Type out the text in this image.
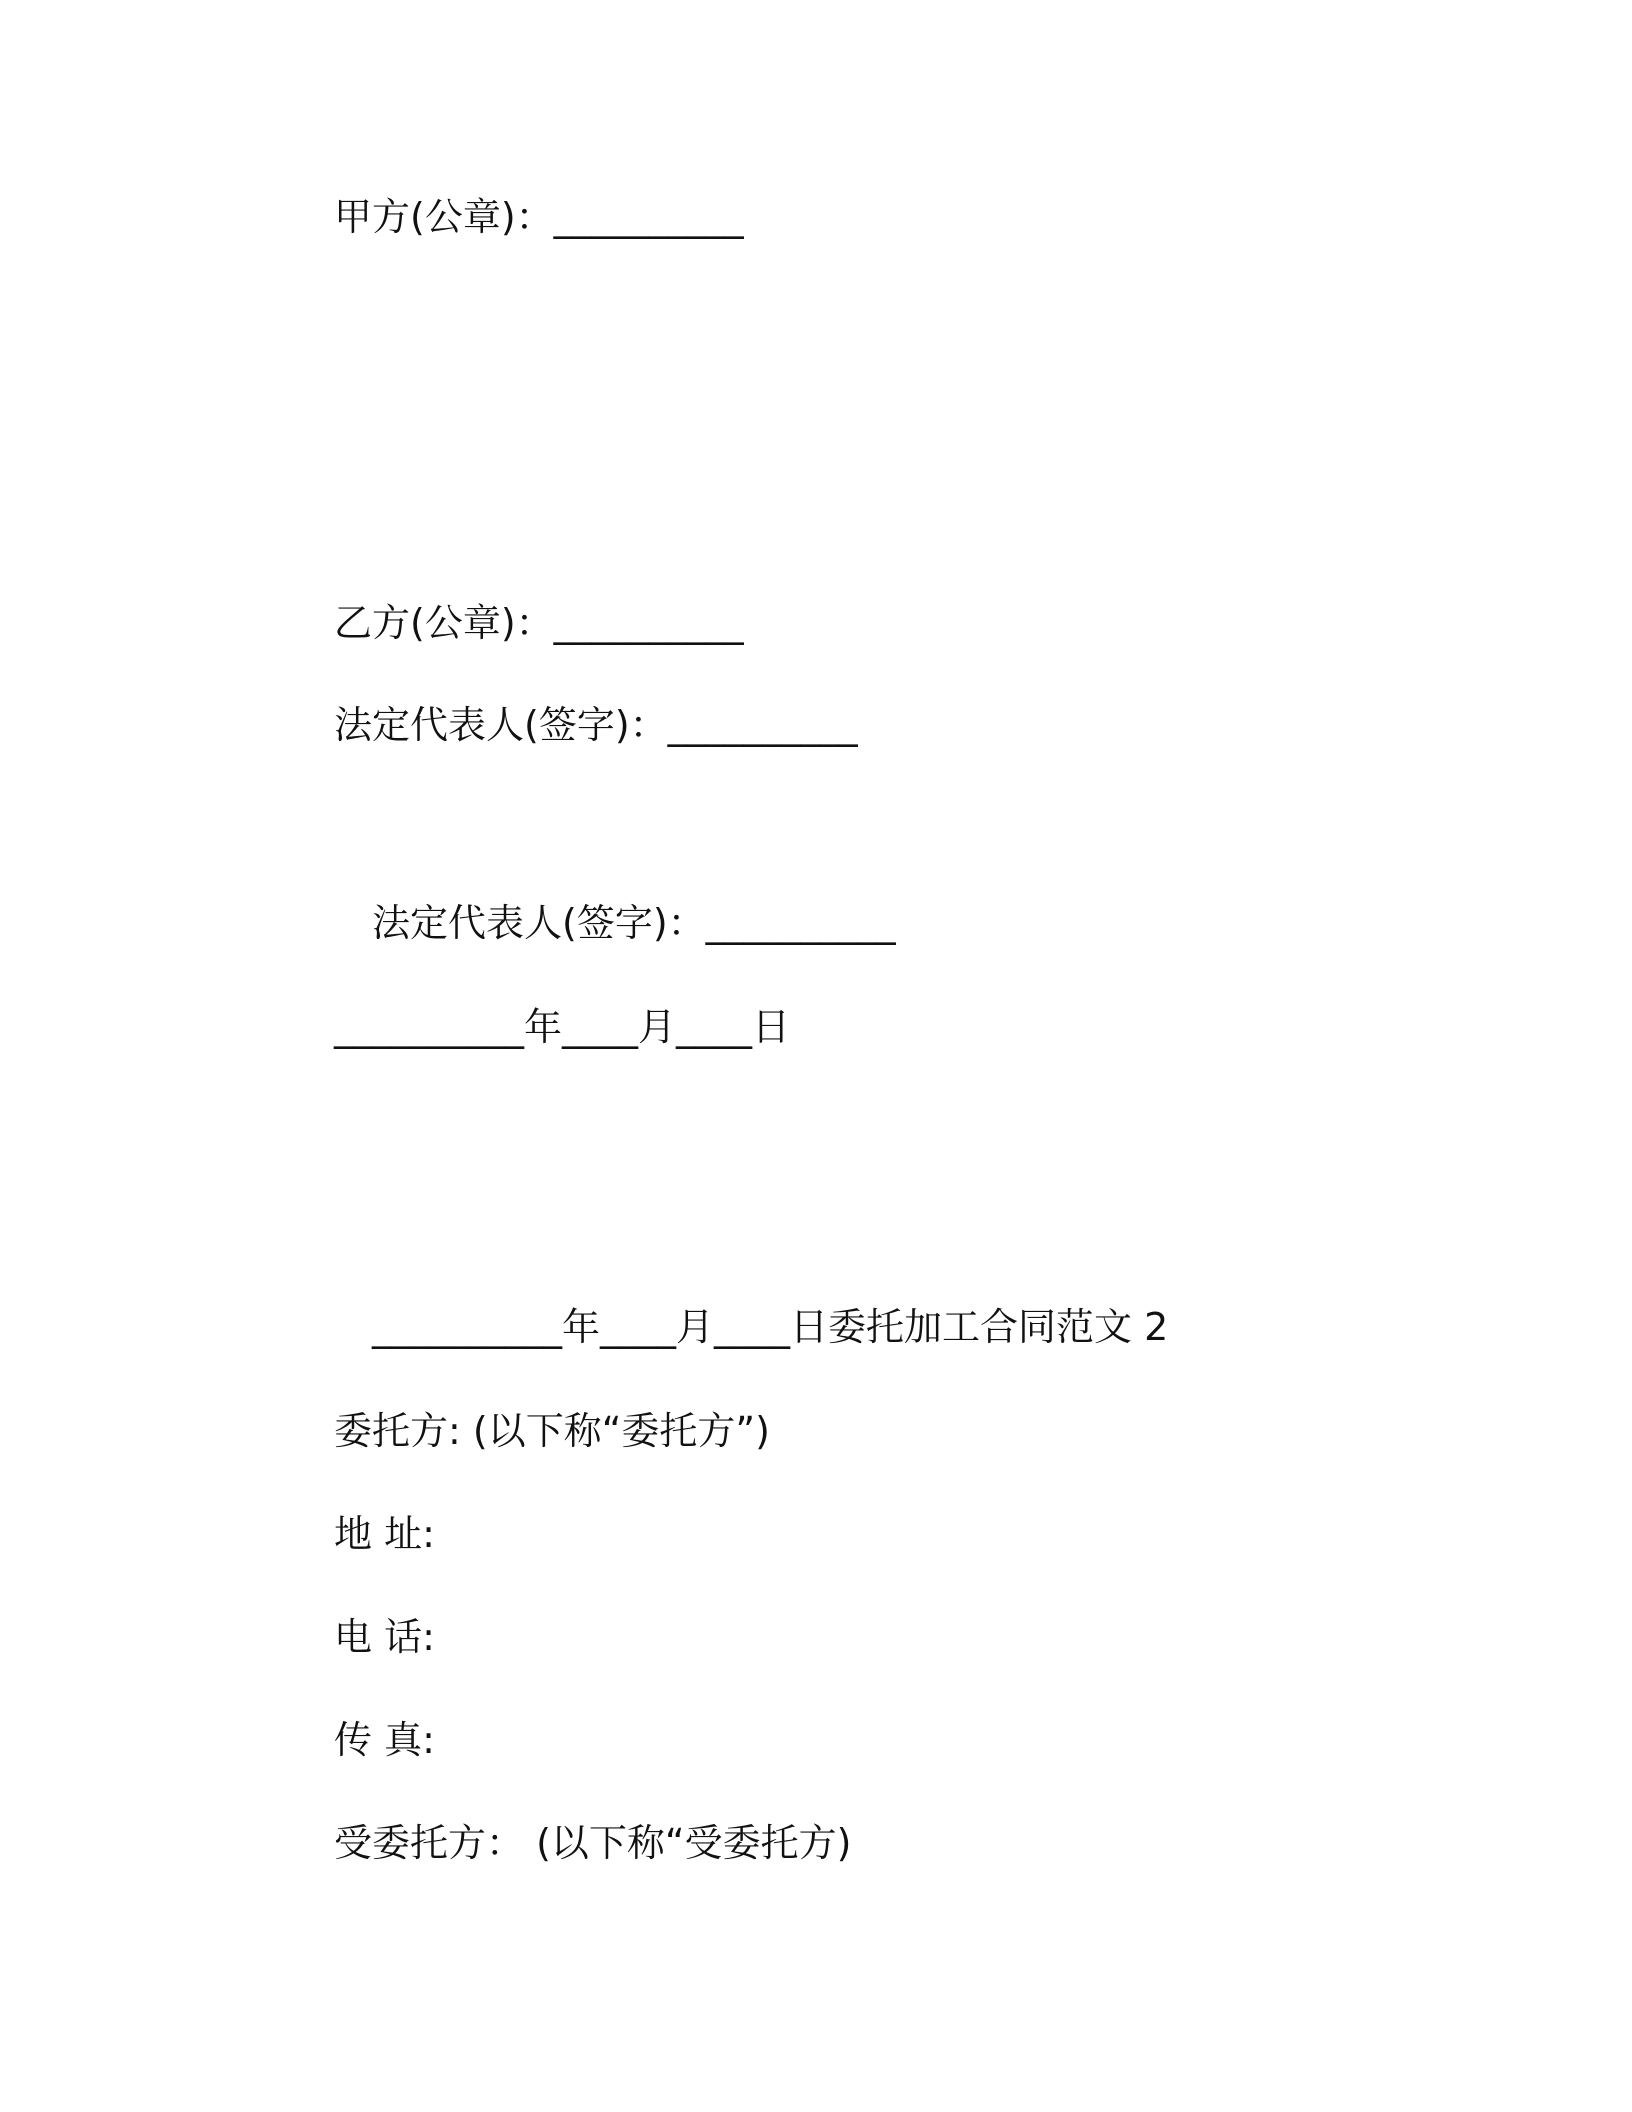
甲方(公章)：__________
乙方(公章)：__________
法定代表人(签字)：__________
法定代表人(签字)：__________
__________年____月____日
__________年____月____日委托加工合同范文 2
委托方: (以下称“委托方”)
地 址:
电 话:
传 真:
受委托方： (以下称“受委托方)
